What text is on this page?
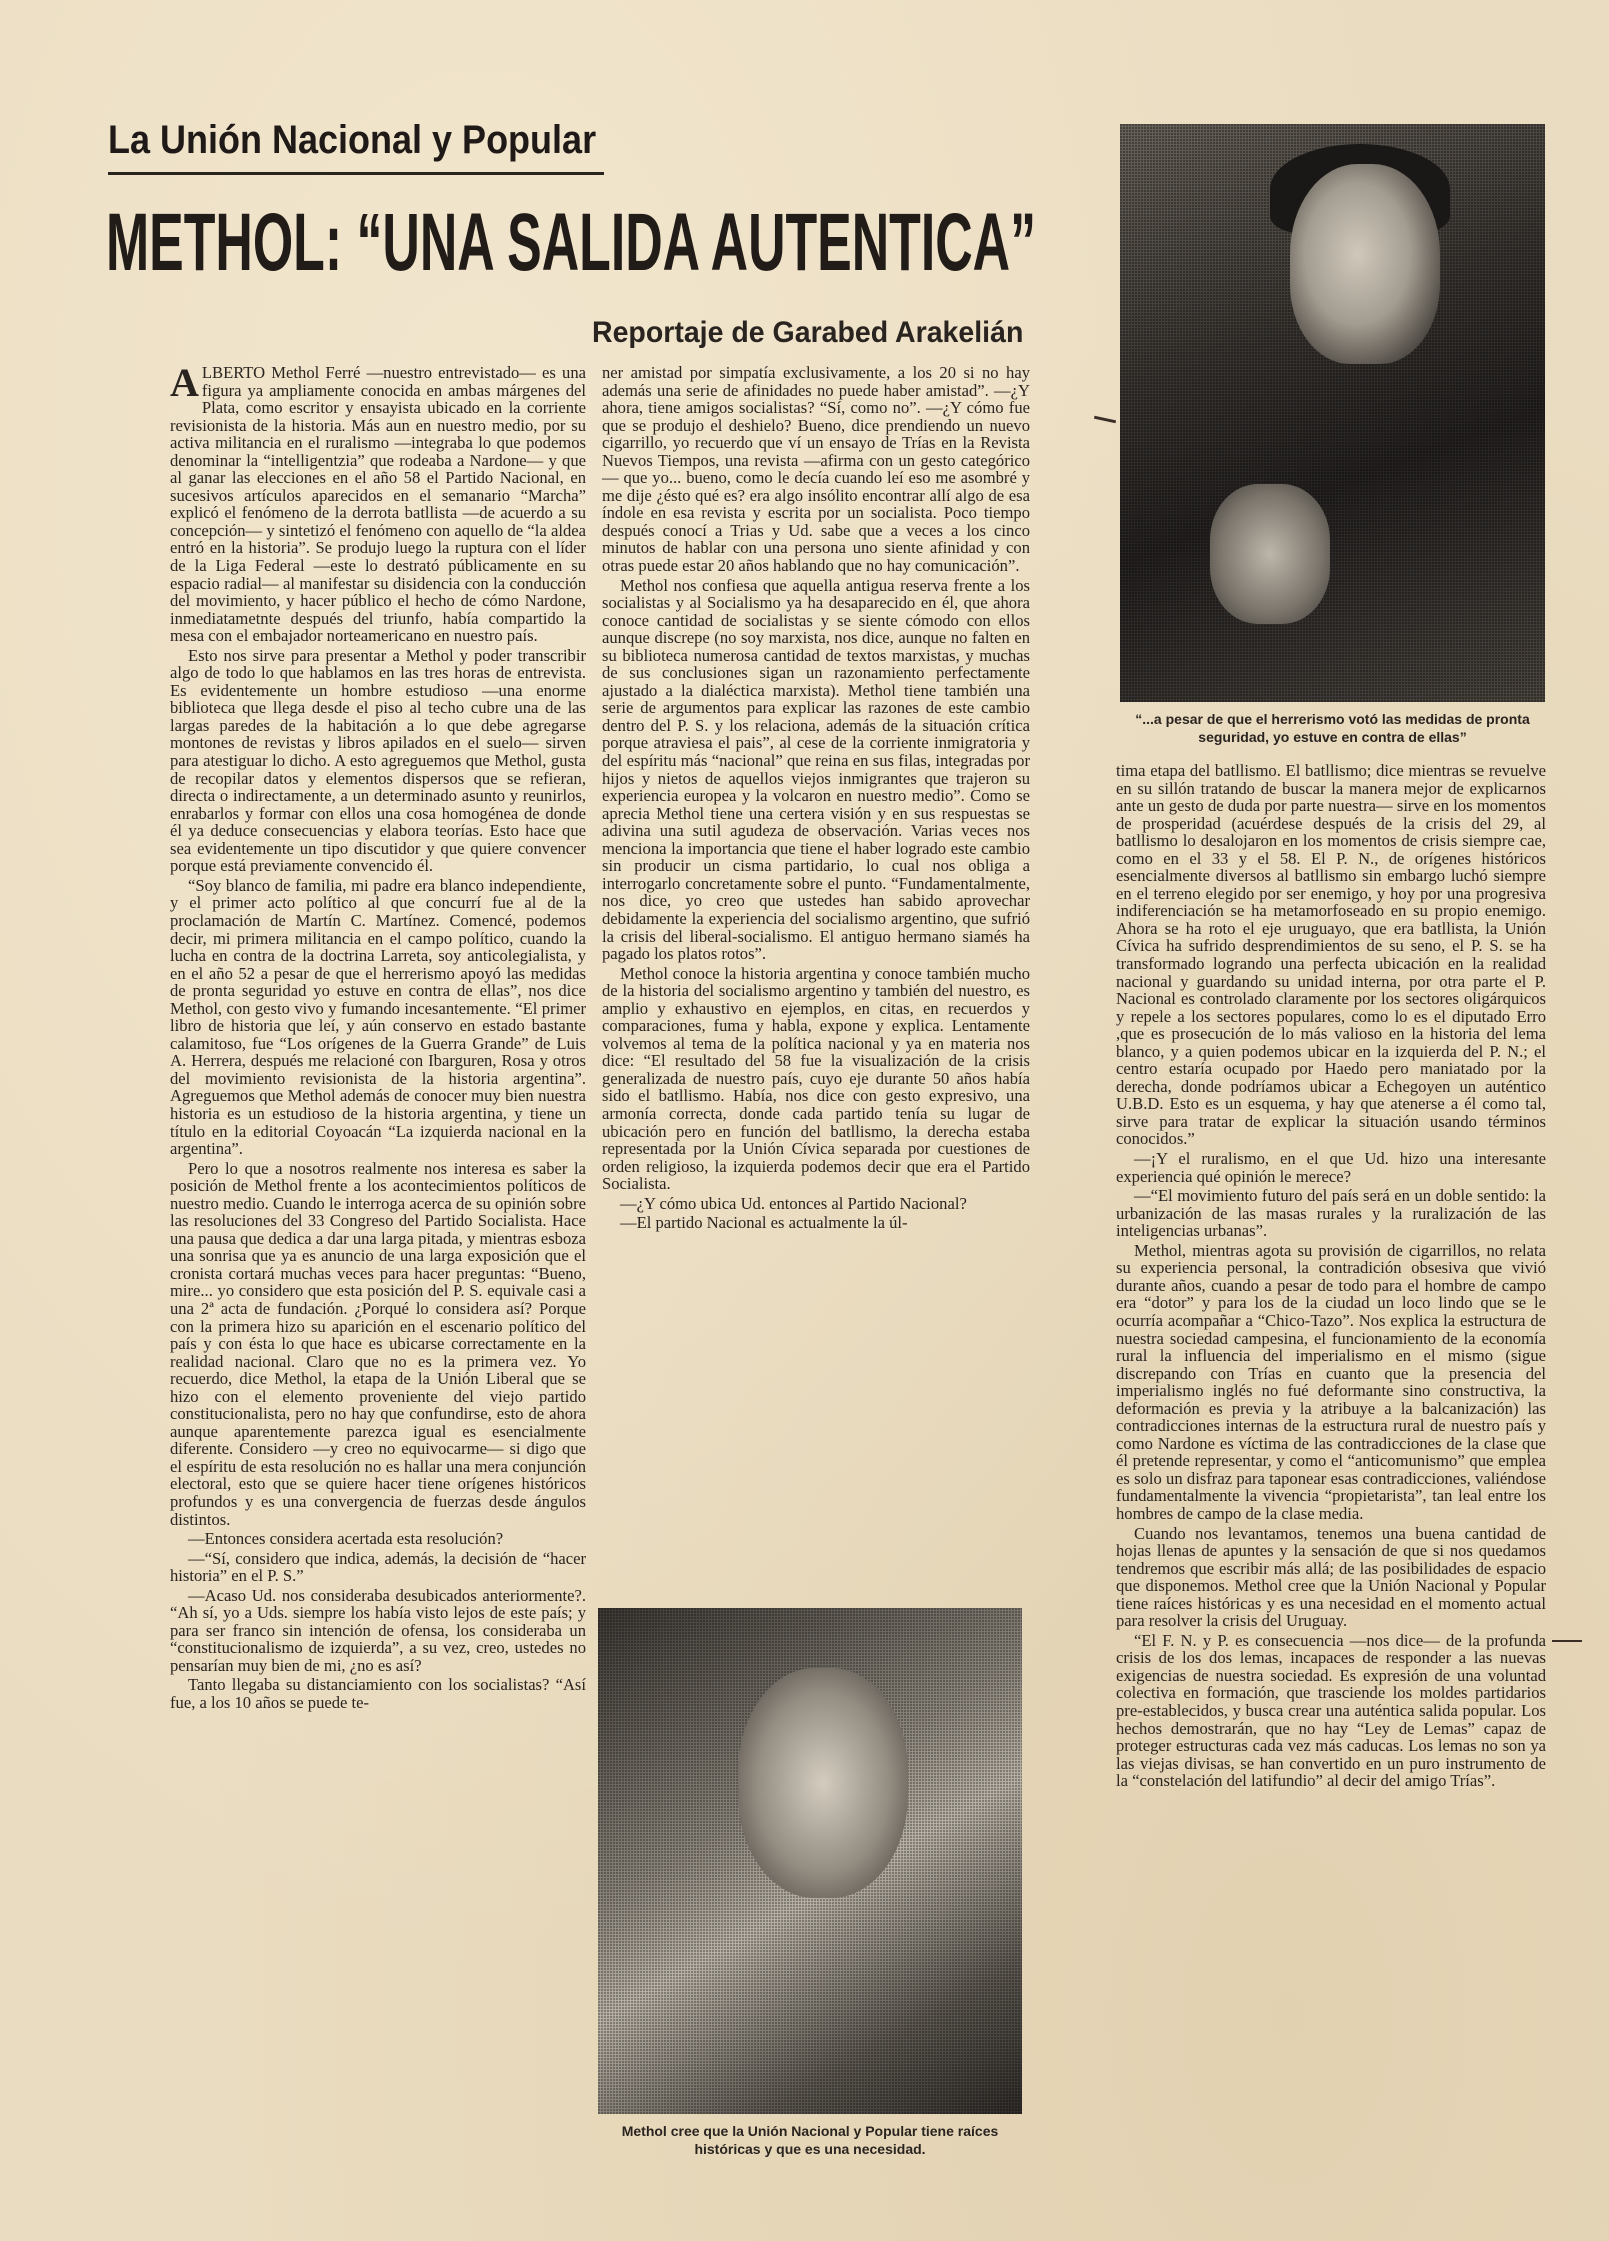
La Unión Nacional y Popular
METHOL: “UNA SALIDA AUTENTICA”
Reportaje de Garabed Arakelián

ALBERTO Methol Ferré —nuestro entrevistado— es una figura ya ampliamente conocida en ambas márgenes del Plata, como escritor y ensayista ubicado en la corriente revisionista de la historia. Más aun en nuestro medio, por su activa militancia en el ruralismo —integraba lo que podemos denominar la “intelligentzia” que rodeaba a Nardone— y que al ganar las elecciones en el año 58 el Partido Nacional, en sucesivos artículos aparecidos en el semanario “Marcha” explicó el fenómeno de la derrota batllista —de acuerdo a su concepción— y sintetizó el fenómeno con aquello de “la aldea entró en la historia”. Se produjo luego la ruptura con el líder de la Liga Federal —este lo destrató públicamente en su espacio radial— al manifestar su disidencia con la conducción del movimiento, y hacer público el hecho de cómo Nardone, inmediatametnte después del triunfo, había compartido la mesa con el embajador norteamericano en nuestro país.

Esto nos sirve para presentar a Methol y poder transcribir algo de todo lo que hablamos en las tres horas de entrevista. Es evidentemente un hombre estudioso —una enorme biblioteca que llega desde el piso al techo cubre una de las largas paredes de la habitación a lo que debe agregarse montones de revistas y libros apilados en el suelo— sirven para atestiguar lo dicho. A esto agreguemos que Methol, gusta de recopilar datos y elementos dispersos que se refieran, directa o indirectamente, a un determinado asunto y reunirlos, enrabarlos y formar con ellos una cosa homogénea de donde él ya deduce consecuencias y elabora teorías. Esto hace que sea evidentemente un tipo discutidor y que quiere convencer porque está previamente convencido él.

“Soy blanco de familia, mi padre era blanco independiente, y el primer acto político al que concurrí fue al de la proclamación de Martín C. Martínez. Comencé, podemos decir, mi primera militancia en el campo político, cuando la lucha en contra de la doctrina Larreta, soy anticolegialista, y en el año 52 a pesar de que el herrerismo apoyó las medidas de pronta seguridad yo estuve en contra de ellas”, nos dice Methol, con gesto vivo y fumando incesantemente. “El primer libro de historia que leí, y aún conservo en estado bastante calamitoso, fue “Los orígenes de la Guerra Grande” de Luis A. Herrera, después me relacioné con Ibarguren, Rosa y otros del movimiento revisionista de la historia argentina”. Agreguemos que Methol además de conocer muy bien nuestra historia es un estudioso de la historia argentina, y tiene un título en la editorial Coyoacán “La izquierda nacional en la argentina”.

Pero lo que a nosotros realmente nos interesa es saber la posición de Methol frente a los acontecimientos políticos de nuestro medio. Cuando le interroga acerca de su opinión sobre las resoluciones del 33 Congreso del Partido Socialista. Hace una pausa que dedica a dar una larga pitada, y mientras esboza una sonrisa que ya es anuncio de una larga exposición que el cronista cortará muchas veces para hacer preguntas: “Bueno, mire... yo considero que esta posición del P. S. equivale casi a una 2ª acta de fundación. ¿Porqué lo considera así? Porque con la primera hizo su aparición en el escenario político del país y con ésta lo que hace es ubicarse correctamente en la realidad nacional. Claro que no es la primera vez. Yo recuerdo, dice Methol, la etapa de la Unión Liberal que se hizo con el elemento proveniente del viejo partido constitucionalista, pero no hay que confundirse, esto de ahora aunque aparentemente parezca igual es esencialmente diferente. Considero —y creo no equivocarme— si digo que el espíritu de esta resolución no es hallar una mera conjunción electoral, esto que se quiere hacer tiene orígenes históricos profundos y es una convergencia de fuerzas desde ángulos distintos.

—Entonces considera acertada esta resolución?

—“Sí, considero que indica, además, la decisión de “hacer historia” en el P. S.”

—Acaso Ud. nos consideraba desubicados anteriormente?. “Ah sí, yo a Uds. siempre los había visto lejos de este país; y para ser franco sin intención de ofensa, los consideraba un “constitucionalismo de izquierda”, a su vez, creo, ustedes no pensarían muy bien de mi, ¿no es así?

Tanto llegaba su distanciamiento con los socialistas? “Así fue, a los 10 años se puede te-

ner amistad por simpatía exclusivamente, a los 20 si no hay además una serie de afinidades no puede haber amistad”. —¿Y ahora, tiene amigos socialistas? “Sí, como no”. —¿Y cómo fue que se produjo el deshielo? Bueno, dice prendiendo un nuevo cigarrillo, yo recuerdo que ví un ensayo de Trías en la Revista Nuevos Tiempos, una revista —afirma con un gesto categórico— que yo... bueno, como le decía cuando leí eso me asombré y me dije ¿ésto qué es? era algo insólito encontrar allí algo de esa índole en esa revista y escrita por un socialista. Poco tiempo después conocí a Trias y Ud. sabe que a veces a los cinco minutos de hablar con una persona uno siente afinidad y con otras puede estar 20 años hablando que no hay comunicación”.

Methol nos confiesa que aquella antigua reserva frente a los socialistas y al Socialismo ya ha desaparecido en él, que ahora conoce cantidad de socialistas y se siente cómodo con ellos aunque discrepe (no soy marxista, nos dice, aunque no falten en su biblioteca numerosa cantidad de textos marxistas, y muchas de sus conclusiones sigan un razonamiento perfectamente ajustado a la dialéctica marxista). Methol tiene también una serie de argumentos para explicar las razones de este cambio dentro del P. S. y los relaciona, además de la situación crítica porque atraviesa el pais”, al cese de la corriente inmigratoria y del espíritu más “nacional” que reina en sus filas, integradas por hijos y nietos de aquellos viejos inmigrantes que trajeron su experiencia europea y la volcaron en nuestro medio”. Como se aprecia Methol tiene una certera visión y en sus respuestas se adivina una sutil agudeza de observación. Varias veces nos menciona la importancia que tiene el haber logrado este cambio sin producir un cisma partidario, lo cual nos obliga a interrogarlo concretamente sobre el punto. “Fundamentalmente, nos dice, yo creo que ustedes han sabido aprovechar debidamente la experiencia del socialismo argentino, que sufrió la crisis del liberal-socialismo. El antiguo hermano siamés ha pagado los platos rotos”.

Methol conoce la historia argentina y conoce también mucho de la historia del socialismo argentino y también del nuestro, es amplio y exhaustivo en ejemplos, en citas, en recuerdos y comparaciones, fuma y habla, expone y explica. Lentamente volvemos al tema de la política nacional y ya en materia nos dice: “El resultado del 58 fue la visualización de la crisis generalizada de nuestro país, cuyo eje durante 50 años había sido el batllismo. Había, nos dice con gesto expresivo, una armonía correcta, donde cada partido tenía su lugar de ubicación pero en función del batllismo, la derecha estaba representada por la Unión Cívica separada por cuestiones de orden religioso, la izquierda podemos decir que era el Partido Socialista.

—¿Y cómo ubica Ud. entonces al Partido Nacional?

—El partido Nacional es actualmente la úl-

tima etapa del batllismo. El batllismo; dice mientras se revuelve en su sillón tratando de buscar la manera mejor de explicarnos ante un gesto de duda por parte nuestra— sirve en los momentos de prosperidad (acuérdese después de la crisis del 29, al batllismo lo desalojaron en los momentos de crisis siempre cae, como en el 33 y el 58. El P. N., de orígenes históricos esencialmente diversos al batllismo sin embargo luchó siempre en el terreno elegido por ser enemigo, y hoy por una progresiva indiferenciación se ha metamorfoseado en su propio enemigo. Ahora se ha roto el eje uruguayo, que era batllista, la Unión Cívica ha sufrido desprendimientos de su seno, el P. S. se ha transformado logrando una perfecta ubicación en la realidad nacional y guardando su unidad interna, por otra parte el P. Nacional es controlado claramente por los sectores oligárquicos y repele a los sectores populares, como lo es el diputado Erro ,que es prosecución de lo más valioso en la historia del lema blanco, y a quien podemos ubicar en la izquierda del P. N.; el centro estaría ocupado por Haedo pero maniatado por la derecha, donde podríamos ubicar a Echegoyen un auténtico U.B.D. Esto es un esquema, y hay que atenerse a él como tal, sirve para tratar de explicar la situación usando términos conocidos.”

—¡Y el ruralismo, en el que Ud. hizo una interesante experiencia qué opinión le merece?

—“El movimiento futuro del país será en un doble sentido: la urbanización de las masas rurales y la ruralización de las inteligencias urbanas”.

Methol, mientras agota su provisión de cigarrillos, no relata su experiencia personal, la contradición obsesiva que vivió durante años, cuando a pesar de todo para el hombre de campo era “dotor” y para los de la ciudad un loco lindo que se le ocurría acompañar a “Chico-Tazo”. Nos explica la estructura de nuestra sociedad campesina, el funcionamiento de la economía rural la influencia del imperialismo en el mismo (sigue discrepando con Trías en cuanto que la presencia del imperialismo inglés no fué deformante sino constructiva, la deformación es previa y la atribuye a la balcanización) las contradicciones internas de la estructura rural de nuestro país y como Nardone es víctima de las contradicciones de la clase que él pretende representar, y como el “anticomunismo” que emplea es solo un disfraz para taponear esas contradicciones, valiéndose fundamentalmente la vivencia “propietarista”, tan leal entre los hombres de campo de la clase media.

Cuando nos levantamos, tenemos una buena cantidad de hojas llenas de apuntes y la sensación de que si nos quedamos tendremos que escribir más allá; de las posibilidades de espacio que disponemos. Methol cree que la Unión Nacional y Popular tiene raíces históricas y es una necesidad en el momento actual para resolver la crisis del Uruguay.

“El F. N. y P. es consecuencia —nos dice— de la profunda crisis de los dos lemas, incapaces de responder a las nuevas exigencias de nuestra sociedad. Es expresión de una voluntad colectiva en formación, que trasciende los moldes partidarios pre-establecidos, y busca crear una auténtica salida popular. Los hechos demostrarán, que no hay “Ley de Lemas” capaz de proteger estructuras cada vez más caducas. Los lemas no son ya las viejas divisas, se han convertido en un puro instrumento de la “constelación del latifundio” al decir del amigo Trías”.

“...a pesar de que el herrerismo votó las medidas de pronta seguridad, yo estuve en contra de ellas”
Methol cree que la Unión Nacional y Popular tiene raíces históricas y que es una necesidad.
